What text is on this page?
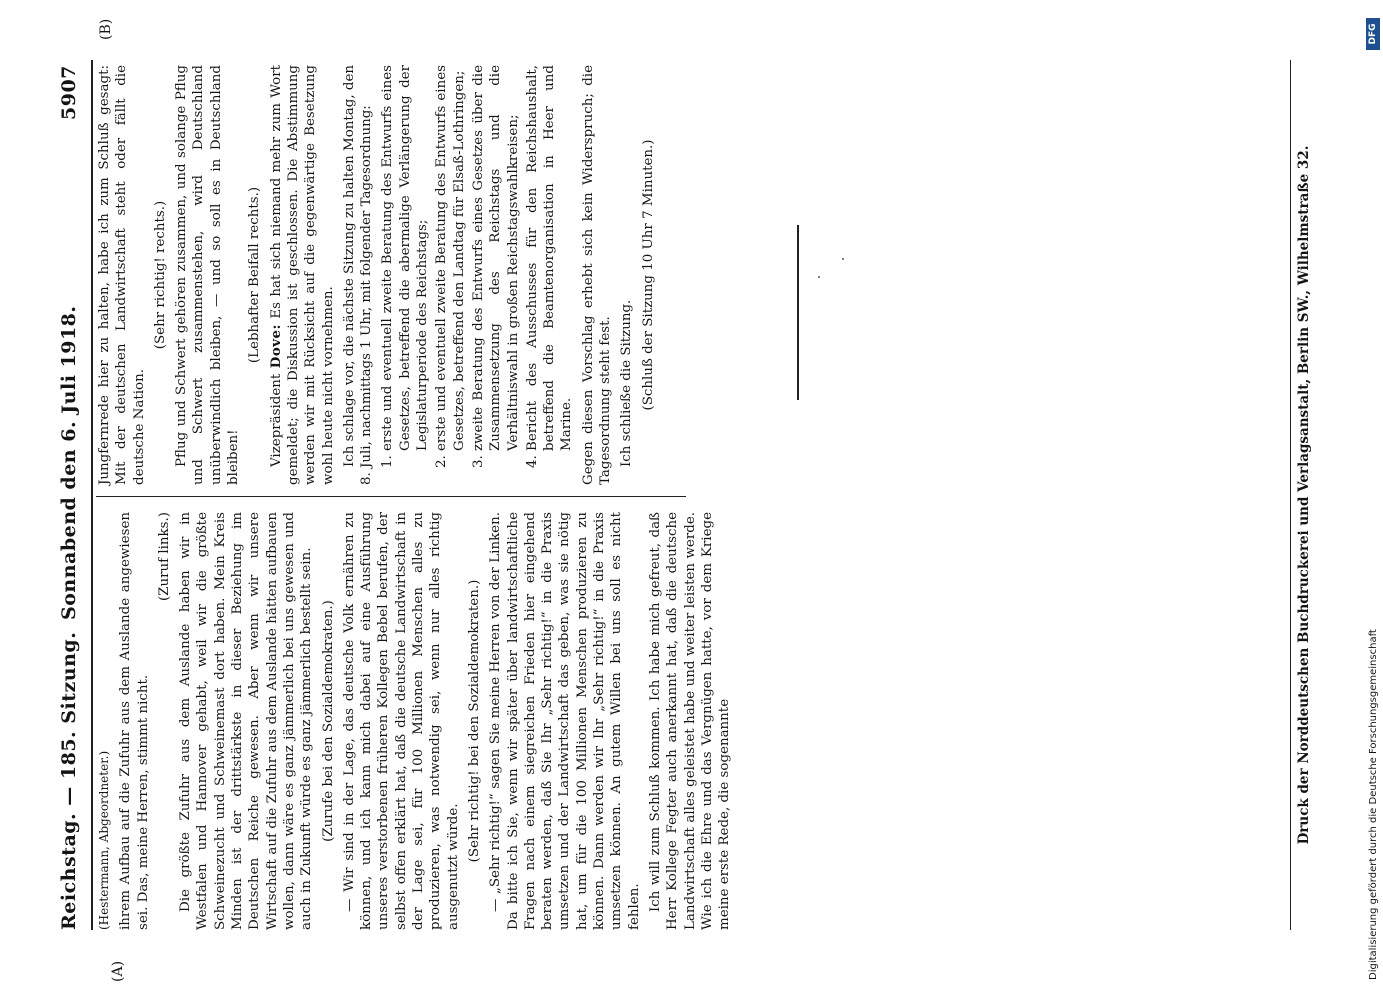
Reichstag. — 185. Sitzung.
Sonnabend den 6. Juli 1918.
5907
(A)
(B)

(Hestermann, Abgeordneter.) ihrem Aufbau auf die Zufuhr aus dem Auslande angewiesen sei. Das, meine Herren, stimmt nicht.

(Zuruf links.) Die größte Zufuhr aus dem Auslande haben wir in Westfalen und Hannover gehabt, weil wir die größte Schweinezucht und Schweinemast dort haben. Mein Kreis Minden ist der drittstärkste in dieser Beziehung im Deutschen Reiche gewesen. Aber wenn wir unsere Wirtschaft auf die Zufuhr aus dem Auslande hätten aufbauen wollen, dann wäre es ganz jämmerlich bei uns gewesen und auch in Zukunft würde es ganz jämmerlich bestellt sein. (Zurufe bei den Sozialdemokraten.) — Wir sind in der Lage, das deutsche Volk ernähren zu können, und ich kann mich dabei auf eine Ausführung unseres verstorbenen früheren Kollegen Bebel berufen, der selbst offen erklärt hat, daß die deutsche Landwirtschaft in der Lage sei, für 100 Millionen Menschen alles zu produzieren, was notwendig sei, wenn nur alles richtig ausgenutzt würde.

(Sehr richtig! bei den Sozialdemokraten.) — „Sehr richtig!“ sagen Sie meine Herren von der Linken. Da bitte ich Sie, wenn wir später über landwirtschaftliche Fragen nach einem siegreichen Frieden hier eingehend beraten werden, daß Sie Ihr „Sehr richtig!“ in die Praxis umsetzen und der Landwirtschaft das geben, was sie nötig hat, um für die 100 Millionen Menschen produzieren zu können. Dann werden wir Ihr „Sehr richtig!“ in die Praxis umsetzen können. An gutem Willen bei uns soll es nicht fehlen. Ich will zum Schluß kommen. Ich habe mich gefreut, daß Herr Kollege Fegter auch anerkannt hat, daß die deutsche Landwirtschaft alles geleistet habe und weiter leisten werde. Wie ich die Ehre und das Vergnügen hatte, vor dem Kriege meine erste Rede, die sogenannte

Jungfernrede hier zu halten, habe ich zum Schluß gesagt: Mit der deutschen Landwirtschaft steht oder fällt die deutsche Nation.

(Sehr richtig! rechts.) Pflug und Schwert gehören zusammen, und solange Pflug und Schwert zusammenstehen, wird Deutschland unüberwindlich bleiben, — und so soll es in Deutschland bleiben!

(Lebhafter Beifall rechts.)

Vizepräsident Dove: Es hat sich niemand mehr zum Wort gemeldet; die Diskussion ist geschlossen. Die Abstimmung werden wir mit Rücksicht auf die gegenwärtige Besetzung wohl heute nicht vornehmen. Ich schlage vor, die nächste Sitzung zu halten Montag, den 8. Juli, nachmittags 1 Uhr, mit folgender Tagesordnung: 1. erste und eventuell zweite Beratung des Entwurfs eines Gesetzes, betreffend die abermalige Verlängerung der Legislaturperiode des Reichstags; 2. erste und eventuell zweite Beratung des Entwurfs eines Gesetzes, betreffend den Landtag für Elsaß-Lothringen; 3. zweite Beratung des Entwurfs eines Gesetzes über die Zusammensetzung des Reichstags und die Verhältniswahl in großen Reichstagswahlkreisen; 4. Bericht des Ausschusses für den Reichshaushalt, betreffend die Beamtenorganisation in Heer und Marine. Gegen diesen Vorschlag erhebt sich kein Widerspruch; die Tagesordnung steht fest. Ich schließe die Sitzung. (Schluß der Sitzung 10 Uhr 7 Minuten.)	Druck der Norddeutschen Buchdruckerei und Verlagsanstalt, Berlin SW., Wilhelmstraße 32.	Digitalisierung gefördert durch die Deutsche Forschungsgemeinschaft
DFG
